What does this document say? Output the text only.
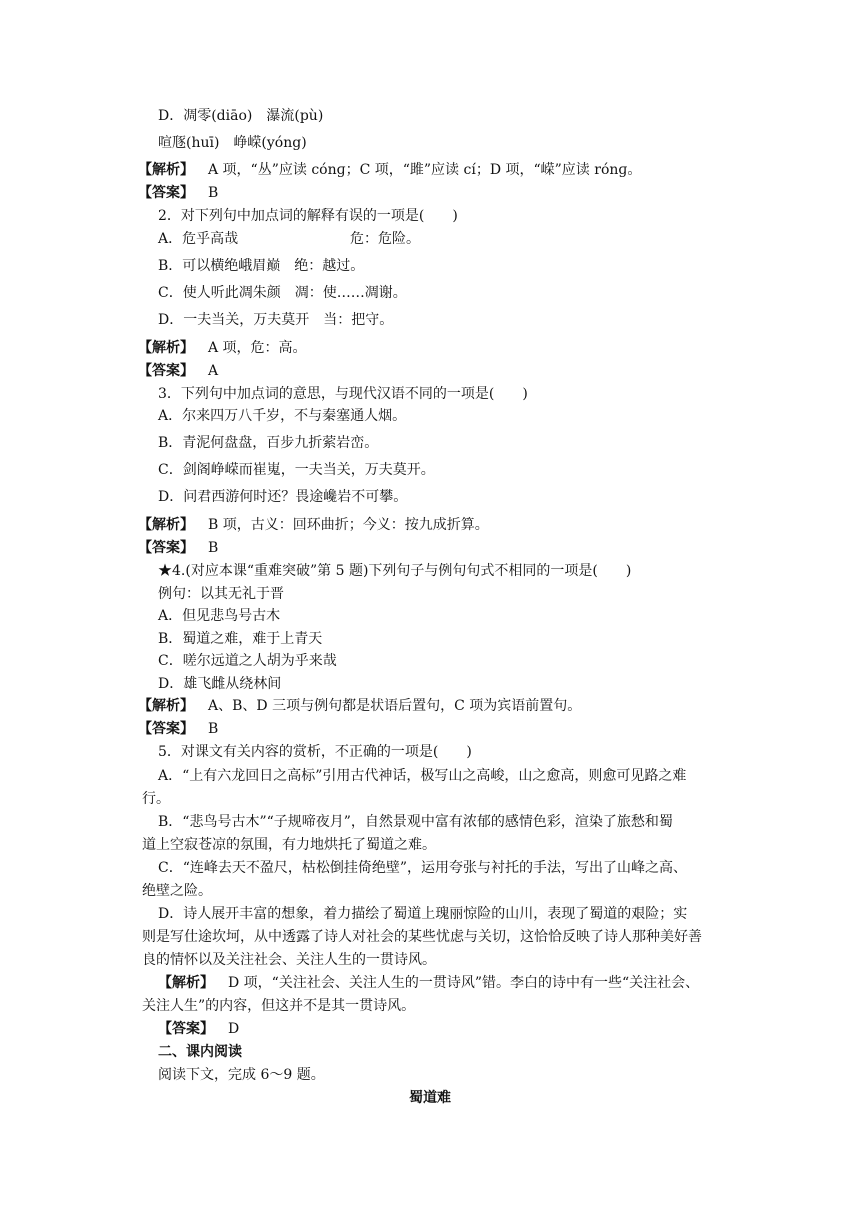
D．凋零(diāo) 瀑流(pù)
喧豗(huī) 峥嵘(yóng)
【解析】 A 项，“丛”应读 cónɡ；C 项，“雎”应读 cí；D 项，“嵘”应读 rónɡ。
【答案】 B
2．对下列句中加点词的解释有误的一项是(　　)
A．危乎高哉	危：危险。
B．可以横绝峨眉巅 绝：越过。
C．使人听此凋朱颜 凋：使……凋谢。
D．一夫当关，万夫莫开 当：把守。
【解析】 A 项，危：高。
【答案】 A
3．下列句中加点词的意思，与现代汉语不同的一项是(　　)
A．尔来四万八千岁，不与秦塞通人烟。
B．青泥何盘盘，百步九折萦岩峦。
C．剑阁峥嵘而崔嵬，一夫当关，万夫莫开。
D．问君西游何时还？畏途巉岩不可攀。
【解析】 B 项，古义：回环曲折；今义：按九成折算。
【答案】 B
★4.(对应本课“重难突破”第 5 题)下列句子与例句句式不相同的一项是(　　)
例句：以其无礼于晋
A．但见悲鸟号古木
B．蜀道之难，难于上青天
C．嗟尔远道之人胡为乎来哉
D．雄飞雌从绕林间
【解析】 A、B、D 三项与例句都是状语后置句，C 项为宾语前置句。
【答案】 B
5．对课文有关内容的赏析，不正确的一项是(　　)
A．“上有六龙回日之高标”引用古代神话，极写山之高峻，山之愈高，则愈可见路之难
行。
B．“悲鸟号古木”“子规啼夜月”，自然景观中富有浓郁的感情色彩，渲染了旅愁和蜀
道上空寂苍凉的氛围，有力地烘托了蜀道之难。
C．“连峰去天不盈尺，枯松倒挂倚绝壁”，运用夸张与衬托的手法，写出了山峰之高、
绝壁之险。
D．诗人展开丰富的想象，着力描绘了蜀道上瑰丽惊险的山川，表现了蜀道的艰险；实
则是写仕途坎坷，从中透露了诗人对社会的某些忧虑与关切，这恰恰反映了诗人那种美好善
良的情怀以及关注社会、关注人生的一贯诗风。
【解析】 D 项，“关注社会、关注人生的一贯诗风”错。李白的诗中有一些“关注社会、
关注人生”的内容，但这并不是其一贯诗风。
【答案】 D
二、课内阅读
阅读下文，完成 6～9 题。
蜀道难
